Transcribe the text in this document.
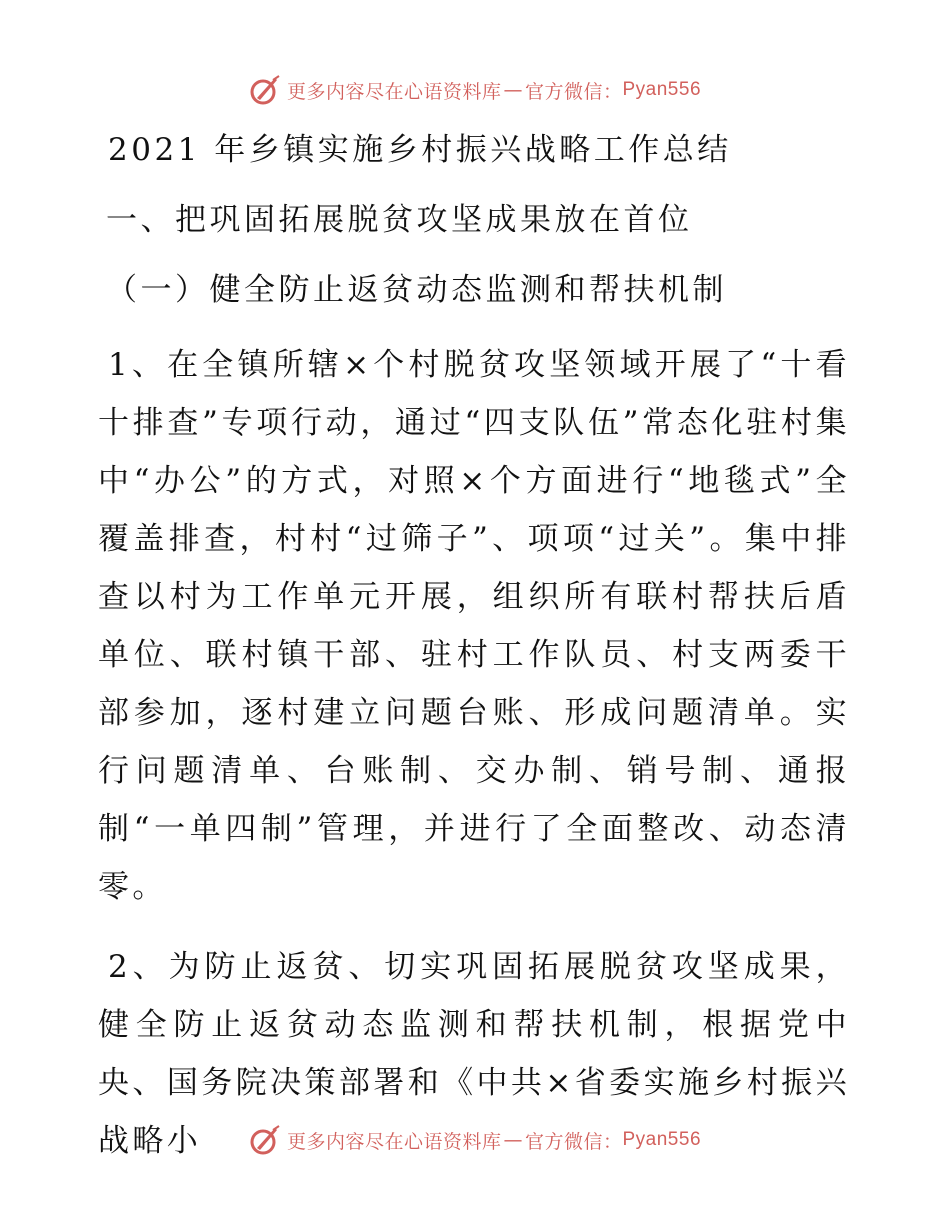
更多内容尽在心语资料库 — 官方微信： Pyan556
2021 年乡镇实施乡村振兴战略工作总结
一、把巩固拓展脱贫攻坚成果放在首位
（一）健全防止返贫动态监测和帮扶机制

1、在全镇所辖×个村脱贫攻坚领域开展了“十看十排查”专项行动，通过“四支队伍”常态化驻村集中“办公”的方式，对照×个方面进行“地毯式”全覆盖排查，村村“过筛子”、项项“过关”。集中排查以村为工作单元开展，组织所有联村帮扶后盾单位、联村镇干部、驻村工作队员、村支两委干部参加，逐村建立问题台账、形成问题清单。实行问题清单、台账制、交办制、销号制、通报制“一单四制”管理，并进行了全面整改、动态清零。

2、为防止返贫、切实巩固拓展脱贫攻坚成果，健全防止返贫动态监测和帮扶机制，根据党中央、国务院决策部署和《中共×省委实施乡村振兴战略小	更多内容尽在心语资料库 — 官方微信： Pyan556
